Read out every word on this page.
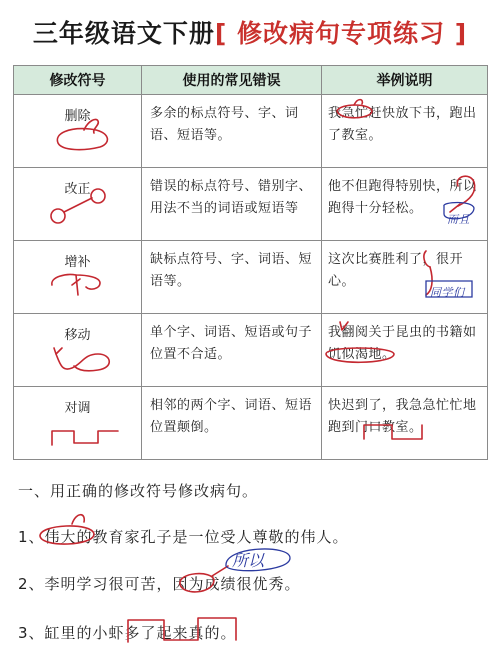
三年级语文下册[ 修改病句专项练习 ]
修改符号	使用的常见错误	举例说明

删除	多余的标点符号、字、词语、短语等。	我急忙赶快放下书，跑出了教室。

改正	错误的标点符号、错别字、用法不当的词语或短语等	他不但跑得特别快，所以跑得十分轻松。
而且

增补	缺标点符号、字、词语、短语等。	这次比赛胜利了，很开心。
同学们

移动	单个字、词语、短语或句子位置不合适。	我翻阅关于昆虫的书籍如饥似渴地。

对调	相邻的两个字、词语、短语位置颠倒。	快迟到了，我急急忙忙地跑到门口教室。
一、用正确的修改符号修改病句。
1、伟大的教育家孔子是一位受人尊敬的伟人。
2、李明学习很可苦，因为成绩很优秀。
所以
3、缸里的小虾多了起来真的。
